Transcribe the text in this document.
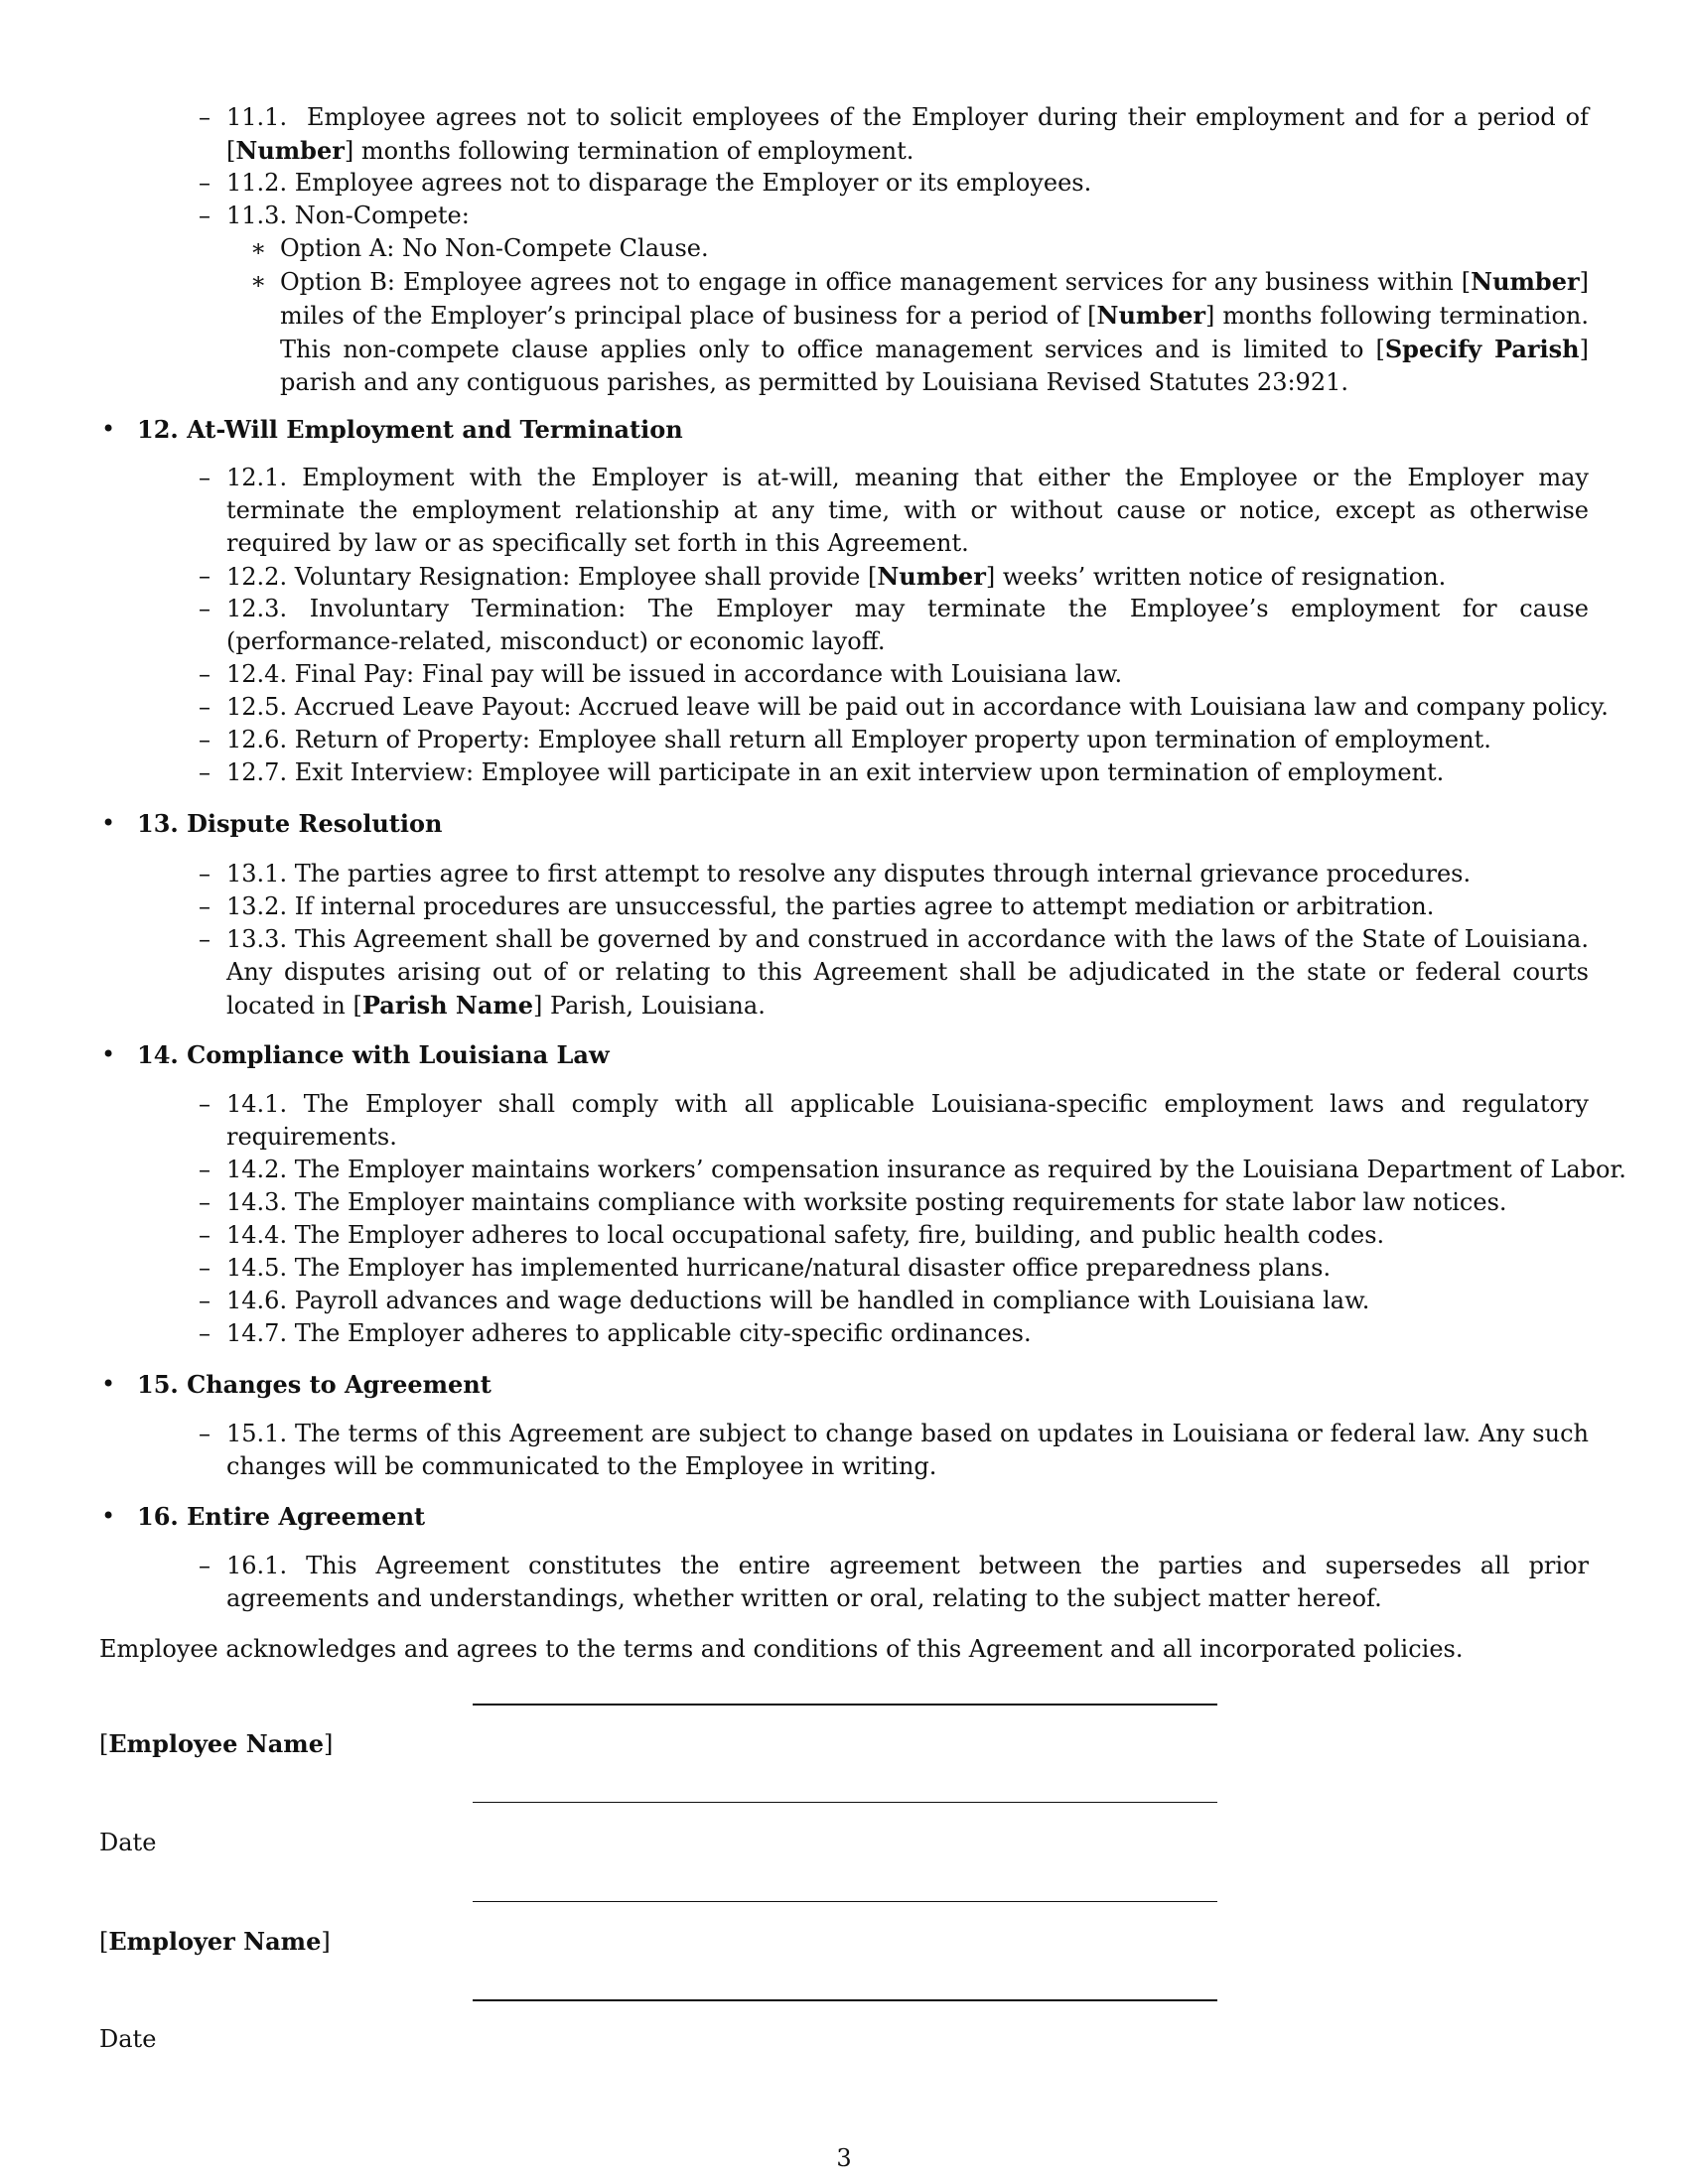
– 11.1. Employee agrees not to solicit employees of the Employer during their employment and for a period of [Number] months following termination of employment.
– 11.2. Employee agrees not to disparage the Employer or its employees.
– 11.3. Non-Compete:
∗ Option A: No Non-Compete Clause.
∗ Option B: Employee agrees not to engage in office management services for any business within [Number] miles of the Employer’s principal place of business for a period of [Number] months following termination. This non-compete clause applies only to office management services and is limited to [Specify Parish] parish and any contiguous parishes, as permitted by Louisiana Revised Statutes 23:921.
• 12. At-Will Employment and Termination
– 12.1. Employment with the Employer is at-will, meaning that either the Employee or the Employer may terminate the employment relationship at any time, with or without cause or notice, except as otherwise required by law or as specifically set forth in this Agreement.
– 12.2. Voluntary Resignation: Employee shall provide [Number] weeks’ written notice of resignation.
– 12.3. Involuntary Termination: The Employer may terminate the Employee’s employment for cause (performance-related, misconduct) or economic layoff.
– 12.4. Final Pay: Final pay will be issued in accordance with Louisiana law.
– 12.5. Accrued Leave Payout: Accrued leave will be paid out in accordance with Louisiana law and company policy.
– 12.6. Return of Property: Employee shall return all Employer property upon termination of employment.
– 12.7. Exit Interview: Employee will participate in an exit interview upon termination of employment.
• 13. Dispute Resolution
– 13.1. The parties agree to first attempt to resolve any disputes through internal grievance procedures.
– 13.2. If internal procedures are unsuccessful, the parties agree to attempt mediation or arbitration.
– 13.3. This Agreement shall be governed by and construed in accordance with the laws of the State of Louisiana. Any disputes arising out of or relating to this Agreement shall be adjudicated in the state or federal courts located in [Parish Name] Parish, Louisiana.
• 14. Compliance with Louisiana Law
– 14.1. The Employer shall comply with all applicable Louisiana-specific employment laws and regulatory requirements.
– 14.2. The Employer maintains workers’ compensation insurance as required by the Louisiana Department of Labor.
– 14.3. The Employer maintains compliance with worksite posting requirements for state labor law notices.
– 14.4. The Employer adheres to local occupational safety, fire, building, and public health codes.
– 14.5. The Employer has implemented hurricane/natural disaster office preparedness plans.
– 14.6. Payroll advances and wage deductions will be handled in compliance with Louisiana law.
– 14.7. The Employer adheres to applicable city-specific ordinances.
• 15. Changes to Agreement
– 15.1. The terms of this Agreement are subject to change based on updates in Louisiana or federal law. Any such changes will be communicated to the Employee in writing.
• 16. Entire Agreement
– 16.1. This Agreement constitutes the entire agreement between the parties and supersedes all prior agreements and understandings, whether written or oral, relating to the subject matter hereof.
Employee acknowledges and agrees to the terms and conditions of this Agreement and all incorporated policies.
[Employee Name]
Date
[Employer Name]
Date
3
